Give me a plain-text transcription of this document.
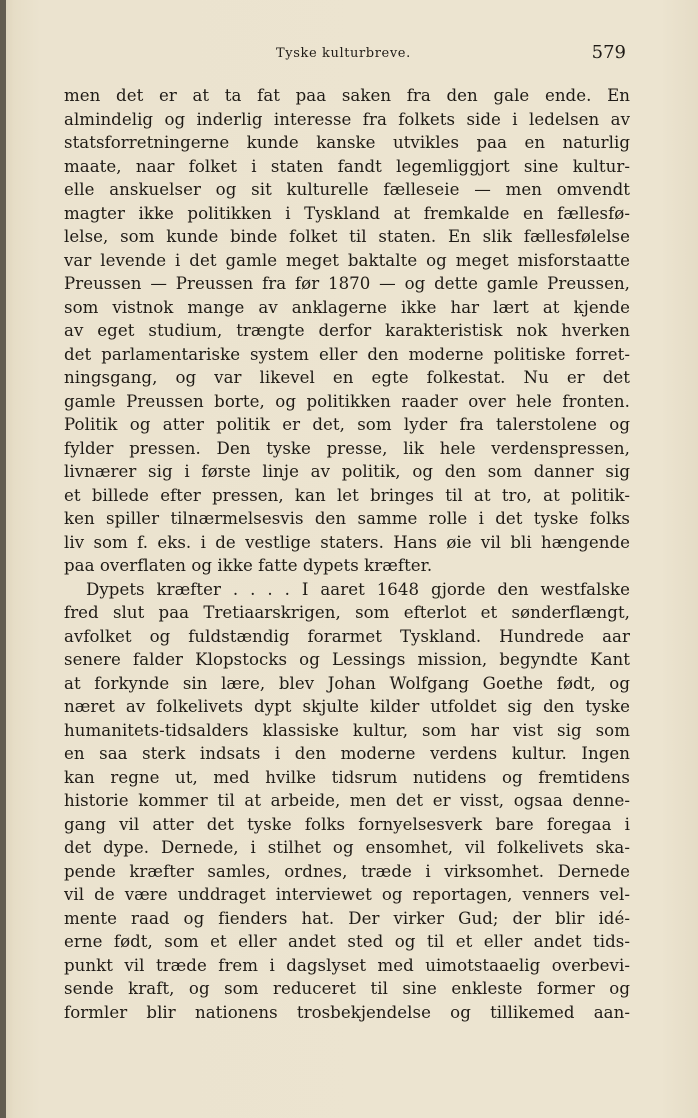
Tyske kulturbreve.	579
men det er at ta fat paa saken fra den gale ende. En
almindelig og inderlig interesse fra folkets side i ledelsen av
statsforretningerne kunde kanske utvikles paa en naturlig
maate, naar folket i staten fandt legemliggjort sine kultur-
elle anskuelser og sit kulturelle fælleseie — men omvendt
magter ikke politikken i Tyskland at fremkalde en fællesfø-
lelse, som kunde binde folket til staten. En slik fællesfølelse
var levende i det gamle meget baktalte og meget misforstaatte
Preussen — Preussen fra før 1870 — og dette gamle Preussen,
som vistnok mange av anklagerne ikke har lært at kjende
av eget studium, trængte derfor karakteristisk nok hverken
det parlamentariske system eller den moderne politiske forret-
ningsgang, og var likevel en egte folkestat. Nu er det
gamle Preussen borte, og politikken raader over hele fronten.
Politik og atter politik er det, som lyder fra talerstolene og
fylder pressen. Den tyske presse, lik hele verdenspressen,
livnærer sig i første linje av politik, og den som danner sig
et billede efter pressen, kan let bringes til at tro, at politik-
ken spiller tilnærmelsesvis den samme rolle i det tyske folks
liv som f. eks. i de vestlige staters. Hans øie vil bli hængende
paa overflaten og ikke fatte dypets kræfter.
Dypets kræfter . . . . I aaret 1648 gjorde den westfalske
fred slut paa Tretiaarskrigen, som efterlot et sønderflængt,
avfolket og fuldstændig forarmet Tyskland. Hundrede aar
senere falder Klopstocks og Lessings mission, begyndte Kant
at forkynde sin lære, blev Johan Wolfgang Goethe født, og
næret av folkelivets dypt skjulte kilder utfoldet sig den tyske
humanitets-tidsalders klassiske kultur, som har vist sig som
en saa sterk indsats i den moderne verdens kultur. Ingen
kan regne ut, med hvilke tidsrum nutidens og fremtidens
historie kommer til at arbeide, men det er visst, ogsaa denne-
gang vil atter det tyske folks fornyelsesverk bare foregaa i
det dype. Dernede, i stilhet og ensomhet, vil folkelivets ska-
pende kræfter samles, ordnes, træde i virksomhet. Dernede
vil de være unddraget interviewet og reportagen, venners vel-
mente raad og fienders hat. Der virker Gud; der blir idé-
erne født, som et eller andet sted og til et eller andet tids-
punkt vil træde frem i dagslyset med uimotstaaelig overbevi-
sende kraft, og som reduceret til sine enkleste former og
formler blir nationens trosbekjendelse og tillikemed aan-
